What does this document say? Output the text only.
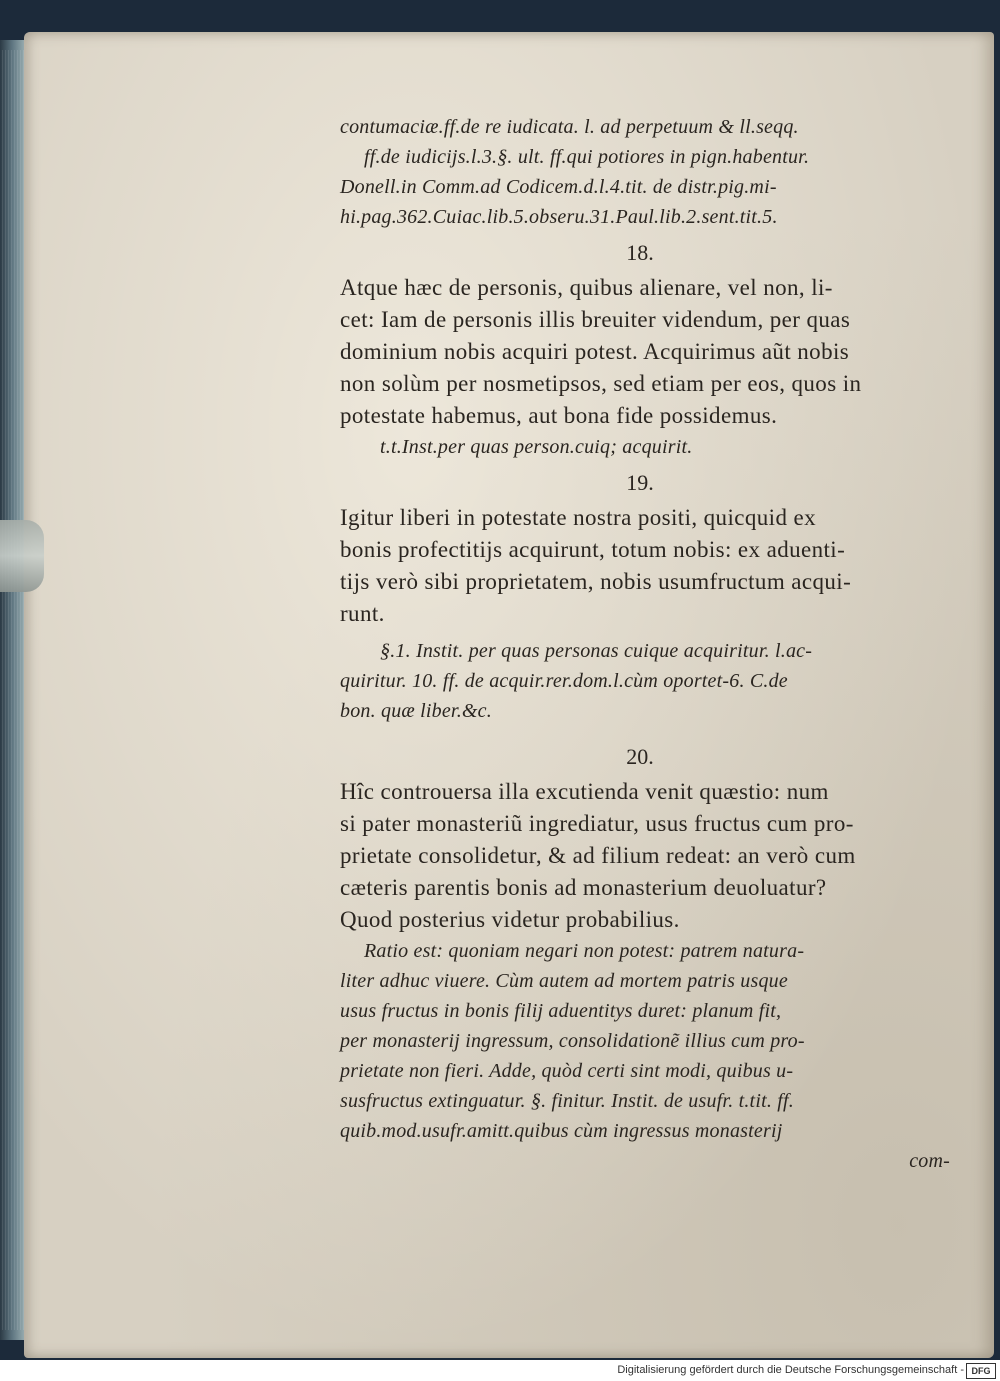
contumaciæ.ff.de re iudicata. l. ad perpetuum & ll.seqq.
ff.de iudicijs.l.3.§. ult. ff.qui potiores in pign.habentur.
Donell.in Comm.ad Codicem.d.l.4.tit. de distr.pig.mi-
hi.pag.362.Cuiac.lib.5.obseru.31.Paul.lib.2.sent.tit.5.
18.
Atque hæc de personis, quibus alienare, vel non, li-
cet: Iam de personis illis breuiter videndum, per quas
dominium nobis acquiri potest. Acquirimus aũt nobis
non solùm per nosmetipsos, sed etiam per eos, quos in
potestate habemus, aut bona fide possidemus.
t.t.Inst.per quas person.cuiq; acquirit.
19.
Igitur liberi in potestate nostra positi, quicquid ex
bonis profectitijs acquirunt, totum nobis: ex aduenti-
tijs verò sibi proprietatem, nobis usumfructum acqui-
runt.
§.1. Instit. per quas personas cuique acquiritur. l.ac-
quiritur. 10. ff. de acquir.rer.dom.l.cùm oportet-6. C.de
bon. quæ liber.&c.
20.
Hîc controuersa illa excutienda venit quæstio: num
si pater monasteriũ ingrediatur, usus fructus cum pro-
prietate consolidetur, & ad filium redeat: an verò cum
cæteris parentis bonis ad monasterium deuoluatur?
Quod posterius videtur probabilius.
Ratio est: quoniam negari non potest: patrem natura-
liter adhuc viuere. Cùm autem ad mortem patris usque
usus fructus in bonis filij aduentitys duret: planum fit,
per monasterij ingressum, consolidationẽ illius cum pro-
prietate non fieri. Adde, quòd certi sint modi, quibus u-
susfructus extinguatur. §. finitur. Instit. de usufr. t.tit. ff.
quib.mod.usufr.amitt.quibus cùm ingressus monasterij
com-
Digitalisierung gefördert durch die Deutsche Forschungsgemeinschaft - DFG
